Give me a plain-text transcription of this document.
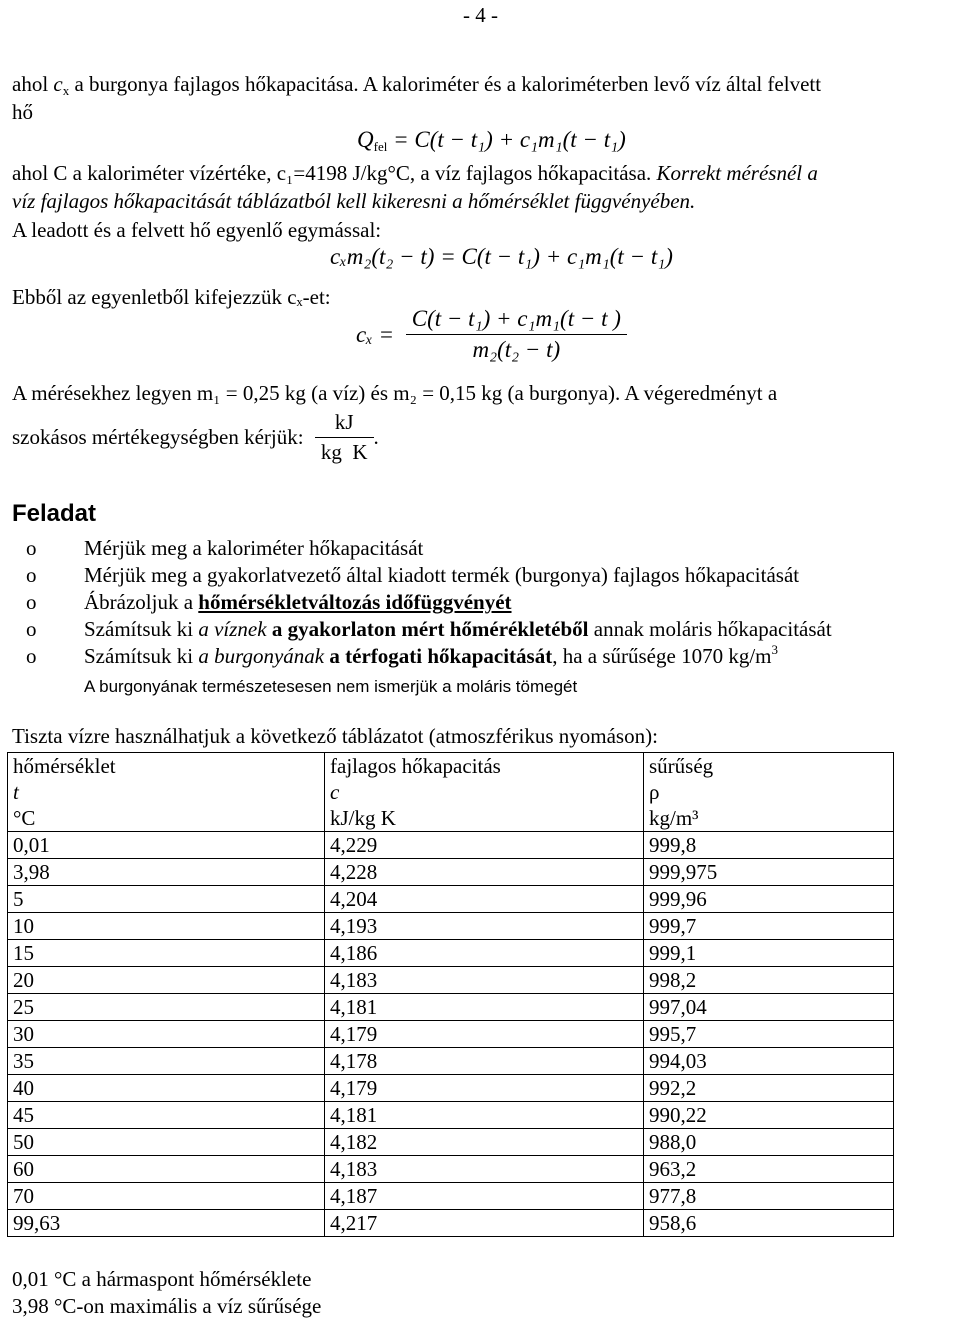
- 4 -
ahol $c_x$ a burgonya fajlagos hőkapacitása. A kaloriméter és a kaloriméterben levő víz által felvett
hő
$Q_{fel} = C(t - t_1) + c_1m_1(t - t_1)$
ahol C a kaloriméter vízértéke, c₁=4198 J/kg°C, a víz fajlagos hőkapacitása. Korrekt mérésnél a
víz fajlagos hőkapacitását táblázatból kell kikeresni a hőmérséklet függvényében.
A leadott és a felvett hő egyenlő egymással:
cₓm₂(t₂ − t) = C(t − t₁) + c₁m₁(t − t₁)
Ebből az egyenletből kifejezzük cₓ-et:
$c_x = \frac{\text{C(t − t₁) + c₁m₁(t − t )}}{\text{m₂(t₂ − t)}}$
A mérésekhez legyen m₁ = 0,25 kg (a víz) és m₂ = 0,15 kg (a burgonya). A végeredményt a
szokásos mértékegységben kérjük: $\frac{kJ}{\text{kg  K}}$ .
Feladat
o Mérjük meg a kaloriméter hőkapacitását
o Mérjük meg a gyakorlatvezető által kiadott termék (burgonya) fajlagos hőkapacitását
o Ábrázoljuk a hőmérsékletváltozás időfüggvényét
o Számítsuk ki a víznek a gyakorlaton mért hőmérékletéből annak moláris hőkapacitását
o Számítsuk ki a burgonyának a térfogati hőkapacitását, ha a sűrűsége 1070 $kg/m^3$
A burgonyának természetesesen nem ismerjük a moláris tömegét
Tiszta vízre használhatjuk a következő táblázatot (atmoszférikus nyomáson):
hőmérséklet	fajlagos hőkapacitás	sűrűség
t	c	ρ
°C	kJ/kg K	kg/m³
0,01	4,229	999,8
3,98	4,228	999,975
5	4,204	999,96
10	4,193	999,7
15	4,186	999,1
20	4,183	998,2
25	4,181	997,04
30	4,179	995,7
35	4,178	994,03
40	4,179	992,2
45	4,181	990,22
50	4,182	988,0
60	4,183	963,2
70	4,187	977,8
99,63	4,217	958,6
0,01 °C a hármaspont hőmérséklete
3,98 °C-on maximális a víz sűrűsége
